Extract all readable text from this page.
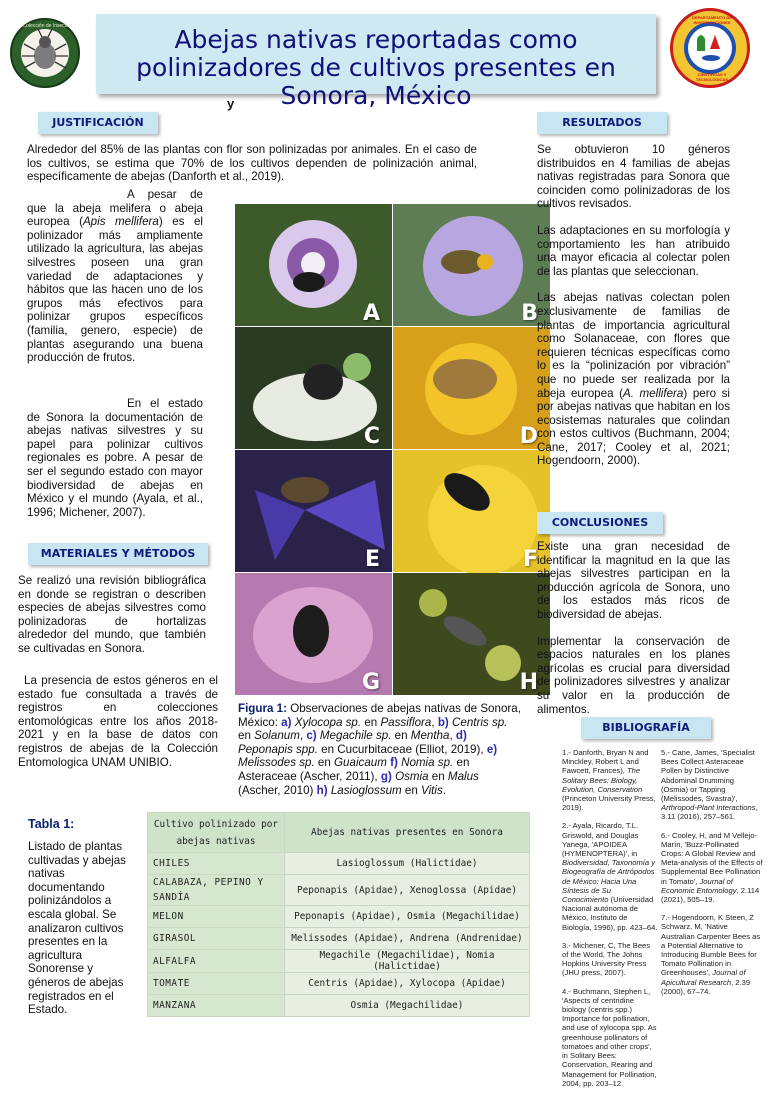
Colección de Insectos
DEPARTAMENTO DE INVESTIGACIONES
CIENTÍFICAS Y TECNOLÓGICAS
Abejas nativas reportadas como polinizadores de cultivos presentes en Sonora, México
y
JUSTIFICACIÓN
Alrededor del 85% de las plantas con flor son polinizadas por animales. En el caso de los cultivos, se estima que 70% de los cultivos dependen de polinización animal, específicamente de abejas (Danforth et al., 2019).
A pesar de que la abeja melifera o abeja europea (Apis mellifera) es el polinizador más ampliamente utilizado la agricultura, las abejas silvestres poseen una gran variedad de adaptaciones y hábitos que las hacen uno de los grupos más efectivos para polinizar grupos específicos (familia, genero, especie) de plantas asegurando una buena producción de frutos.
En el estado de Sonora la documentación de abejas nativas silvestres y su papel para polinizar cultivos regionales es pobre. A pesar de ser el segundo estado con mayor biodiversidad de abejas en México y el mundo (Ayala, et al., 1996; Michener, 2007).
MATERIALES Y MÉTODOS
Se realizó una revisión bibliográfica en donde se registran o describen especies de abejas silvestres como polinizadoras de hortalizas alrededor del mundo, que también se cultivadas en Sonora.
La presencia de estos géneros en el estado fue consultada a través de registros en colecciones entomológicas entre los años 2018-2021 y en la base de datos con registros de abejas de la Colección Entomologica UNAM UNIBIO.
A	B
C	D
E	F
G	H
Figura 1: Observaciones de abejas nativas de Sonora, México: a) Xylocopa sp. en Passiflora, b) Centris sp. en Solanum, c) Megachile sp. en Mentha, d) Peponapis spp. en Cucurbitaceae (Elliot, 2019), e) Melissodes sp. en Guaicaum f) Nomia sp. en Asteraceae (Ascher, 2011), g) Osmia en Malus (Ascher, 2010) h) Lasioglossum en Vitis.
RESULTADOS
Se obtuvieron 10 géneros distribuidos en 4 familias de abejas nativas registradas para Sonora que coinciden como polinizadoras de los cultivos revisados.
Las adaptaciones en su morfología y comportamiento les han atribuido una mayor eficacia al colectar polen de las plantas que seleccionan.
Las abejas nativas colectan polen exclusivamente de familias de plantas de importancia agricultural como Solanaceae, con flores que requieren técnicas específicas como lo es la “polinización por vibración” que no puede ser realizada por la abeja europea (A. mellifera) pero si por abejas nativas que habitan en los ecosistemas naturales que colindan con estos cultivos (Buchmann, 2004; Cane, 2017; Cooley et al, 2021; Hogendoorn, 2000).
CONCLUSIONES
Existe una gran necesidad de identificar la magnitud en la que las abejas silvestres participan en la producción agrícola de Sonora, uno de los estados más ricos de biodiversidad de abejas.
Implementar la conservación de espacios naturales en los planes agrícolas es crucial para diversidad de polinizadores silvestres y analizar su valor en la producción de alimentos.
BIBLIOGRAFÍA
1.- Danforth, Bryan N and Minckley, Robert L and Fawcett, Frances), The Solitary Bees: Biology, Evolution, Conservation (Princeton University Press, 2019).
2.- Ayala, Ricardo, T.L. Griswold, and Douglas Yanega, 'APOIDEA (HYMENOPTERA)', in Biodiversidad, Taxonomía y Biogeografía de Artrópodos de México: Hacia Una Síntesis de Su Conocimiento (Universidad Nacional autónoma de México, Instituto de Biología, 1996), pp. 423–64.
3.- Michener, C, The Bees of the World, The Johns Hopkins University Press (JHU press, 2007).
4.- Buchmann, Stephen L, 'Aspects of centridine biology (centris spp.) Importance for pollination, and use of xylocopa spp. As greenhouse pollinators of tomatoes and other crops', in Solitary Bees: Conservation, Rearing and Management for Pollination, 2004, pp. 203–12.
5.- Cane, James, 'Specialist Bees Collect Asteraceae Pollen by Distinctive Abdominal Drumming (Osmia) or Tapping (Melissodes, Svastra)', Arthropod-Plant Interactions, 3.11 (2016), 257–561.
6.- Cooley, H, and M Vellejo-Marín, 'Buzz-Pollinated Crops: A Global Review and Meta-analysis of the Effects of Supplemental Bee Pollination in Tomato', Journal of Economic Entomology, 2.114 (2021), 505–19.
7.- Hogendoorn, K Steen, Z Schwarz, M, 'Native Australian Carpenter Bees as a Potential Alternative to Introducing Bumble Bees for Tomato Pollination in Greenhouses', Journal of Apicultural Research, 2.39 (2000), 67–74.
Tabla 1:
Listado de plantas cultivadas y abejas nativas documentando polinizándolos a escala global. Se analizaron cultivos presentes en la agricultura Sonorense y géneros de abejas registrados en el Estado.
Cultivo polinizado por abejas nativas	Abejas nativas presentes en Sonora
CHILES	Lasioglossum (Halictidae)
CALABAZA, PEPINO Y SANDÍA	Peponapis (Apidae), Xenoglossa (Apidae)
MELON	Peponapis (Apidae), Osmia (Megachilidae)
GIRASOL	Melissodes (Apidae), Andrena (Andrenidae)
ALFALFA	Megachile (Megachilidae), Nomia (Halictidae)
TOMATE	Centris (Apidae), Xylocopa (Apidae)
MANZANA	Osmia (Megachilidae)
